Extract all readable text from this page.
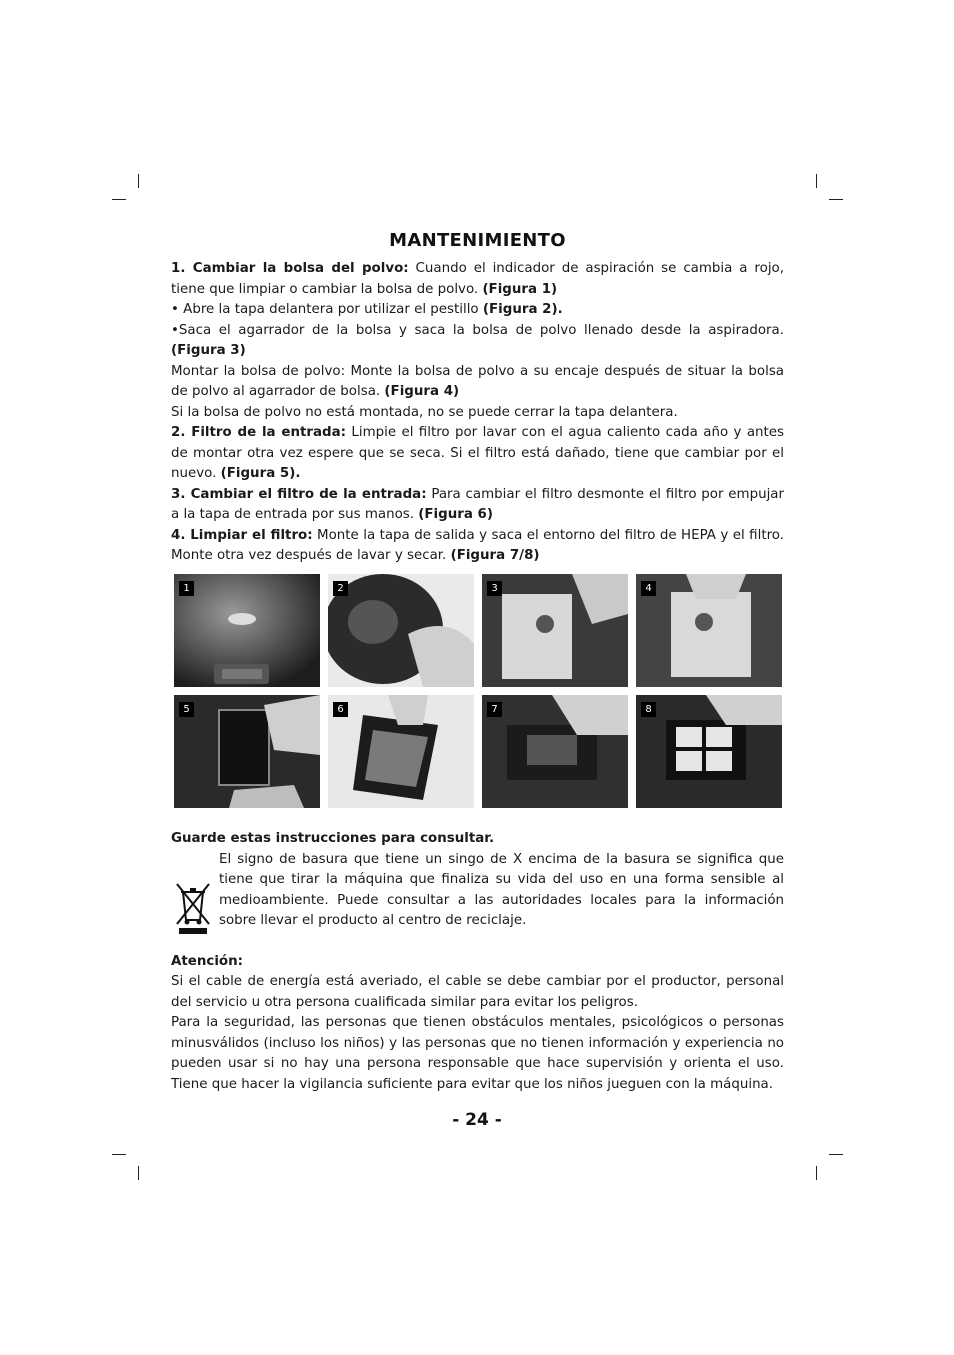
MANTENIMIENTO

1. Cambiar la bolsa del polvo: Cuando el indicador de aspiración se cambia a rojo, tiene que limpiar o cambiar la bolsa de polvo. (Figura 1)

• Abre la tapa delantera por utilizar el pestillo (Figura 2).

•Saca el agarrador de la bolsa y saca la bolsa de polvo llenado desde la aspiradora. (Figura 3)

Montar la bolsa de polvo: Monte la bolsa de polvo a su encaje después de situar la bolsa de polvo al agarrador de bolsa. (Figura 4)

Si la bolsa de polvo no está montada, no se puede cerrar la tapa delantera.

2. Filtro de la entrada: Limpie el filtro por lavar con el agua caliento cada año y antes de montar otra vez espere que se seca. Si el filtro está dañado, tiene que cambiar por el nuevo. (Figura 5).

3. Cambiar el filtro de la entrada: Para cambiar el filtro desmonte el filtro por empujar a la tapa de entrada por sus manos. (Figura 6)

4. Limpiar el filtro: Monte la tapa de salida y saca el entorno del filtro de HEPA y el filtro. Monte otra vez después de lavar y secar. (Figura 7/8)

1	2	3	4
5	6	7	8

Guarde estas instrucciones para consultar.

El signo de basura que tiene un singo de X encima de la basura se significa que tiene que tirar la máquina que finaliza su vida del uso en una forma sensible al medioambiente. Puede consultar a las autoridades locales para la información sobre llevar el producto al centro de reciclaje.

Atención:

Si el cable de energía está averiado, el cable se debe cambiar por el productor, personal del servicio u otra persona cualificada similar para evitar los peligros.

Para la seguridad, las personas que tienen obstáculos mentales, psicológicos o personas minusválidos (incluso los niños) y las personas que no tienen información y experiencia no pueden usar si no hay una persona responsable que hace supervisión y orienta el uso. Tiene que hacer la vigilancia suficiente para evitar que los niños jueguen con la máquina.

- 24 -
